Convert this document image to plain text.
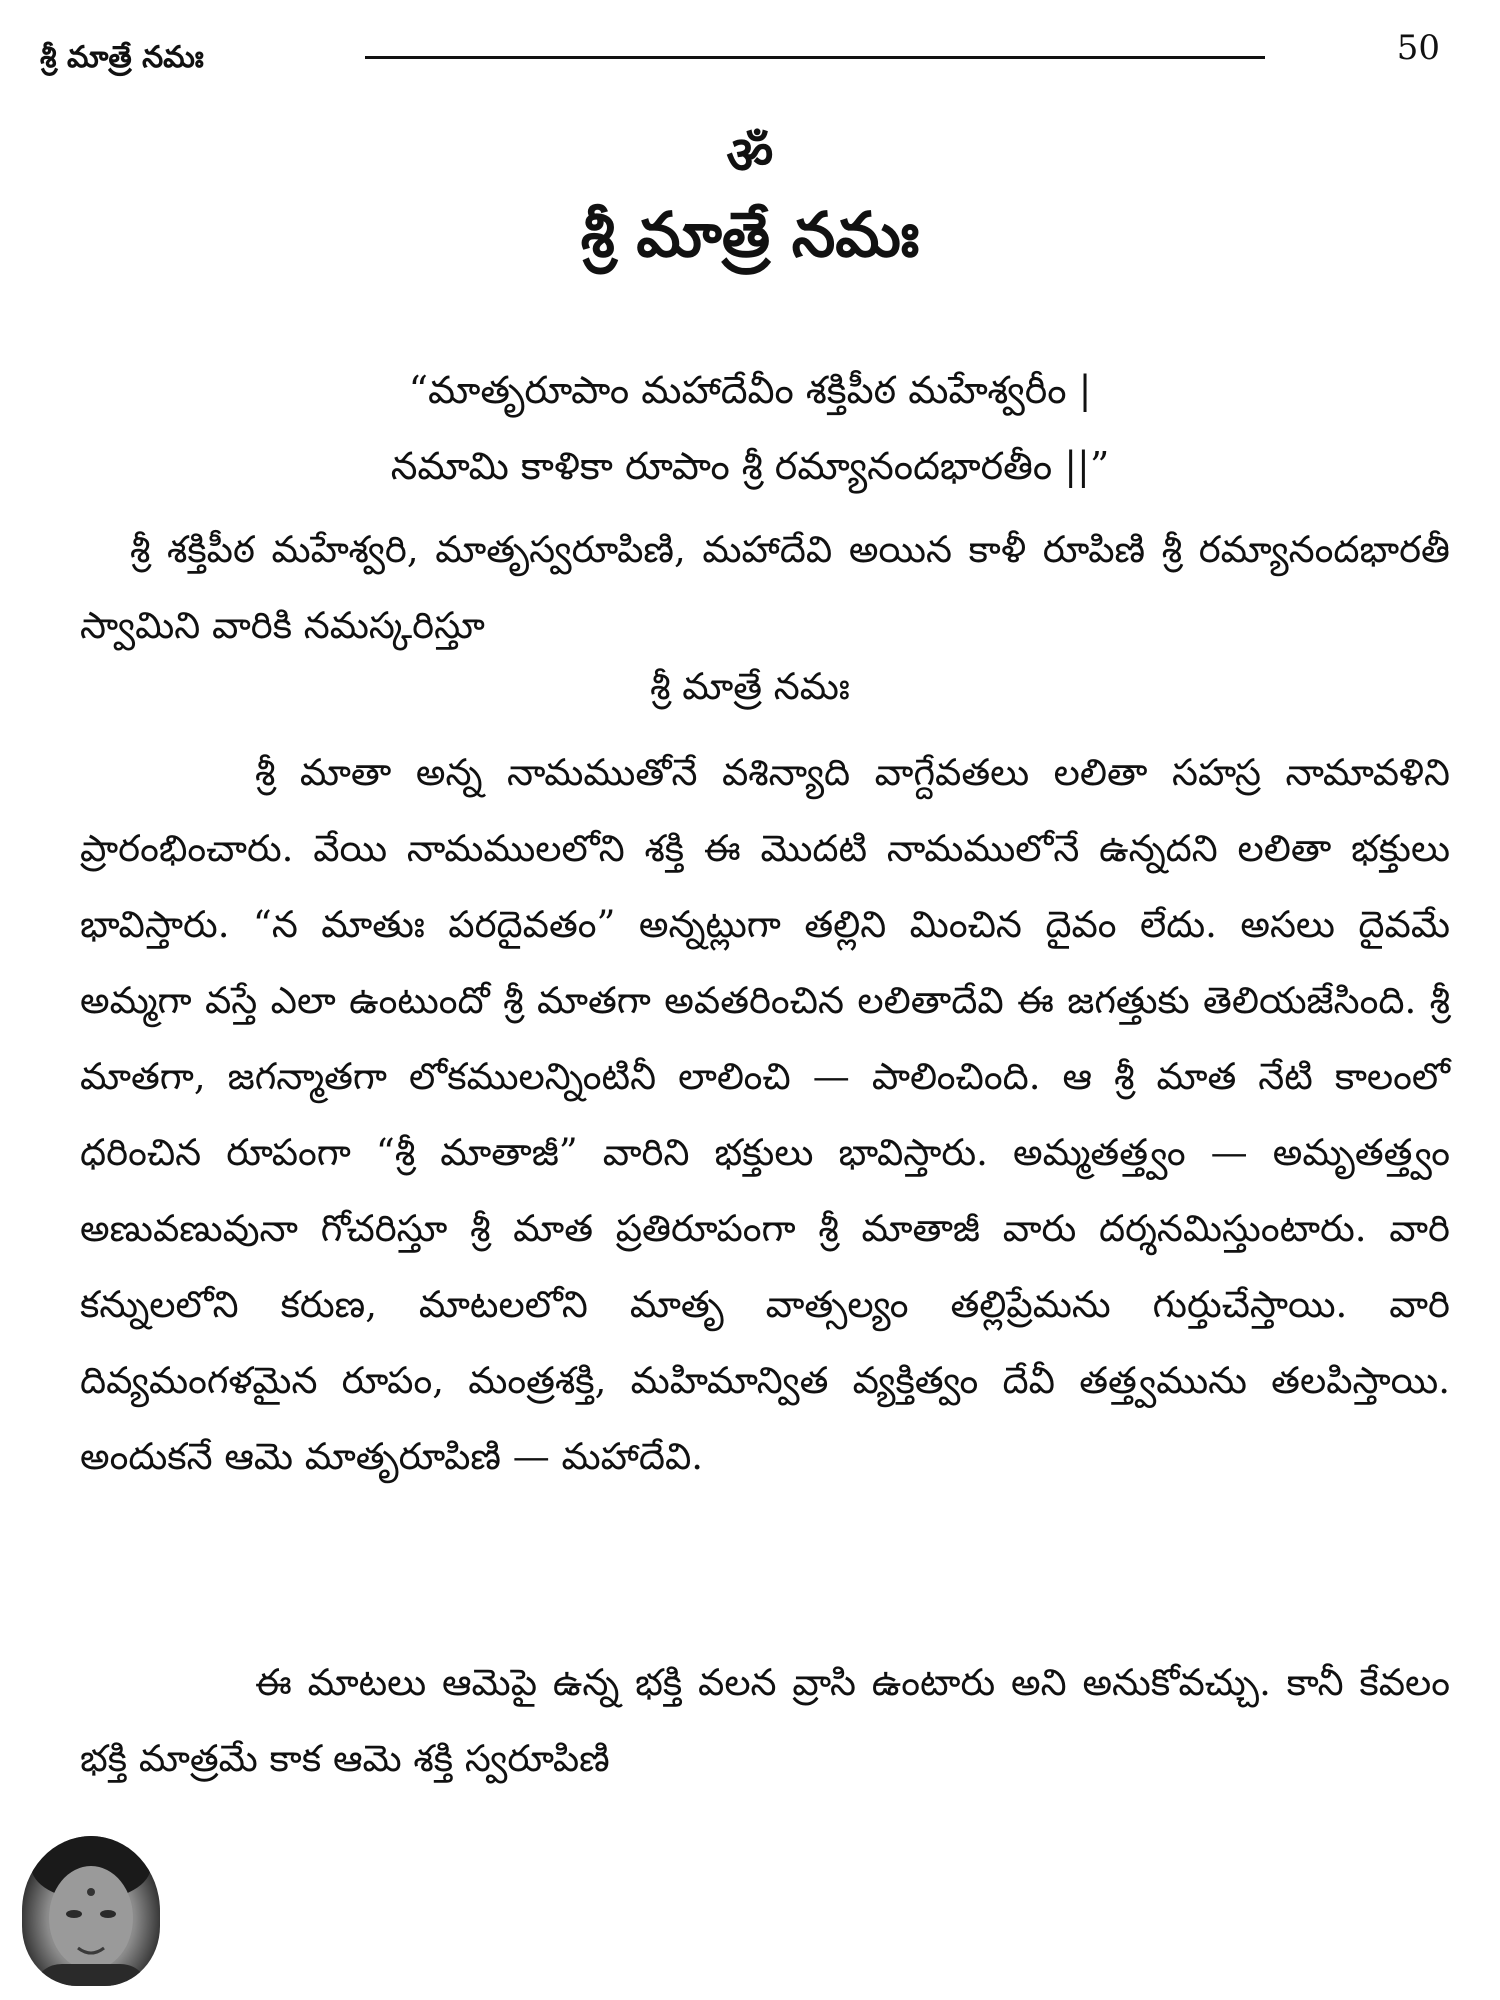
శ్రీ మాత్రే నమః	50
ॐ
శ్రీ మాత్రే నమః
“మాతృరూపాం మహాదేవీం శక్తిపీఠ మహేశ్వరీం |
నమామి కాళికా రూపాం శ్రీ రమ్యానందభారతీం ||”
శ్రీ శక్తిపీఠ మహేశ్వరి, మాతృస్వరూపిణి, మహాదేవి అయిన కాళీ రూపిణి శ్రీ రమ్యానందభారతీ స్వామిని వారికి నమస్కరిస్తూ
శ్రీ మాత్రే నమః
శ్రీ మాతా అన్న నామముతోనే వశిన్యాది వాగ్దేవతలు లలితా సహస్ర నామావళిని ప్రారంభించారు. వేయి నామములలోని శక్తి ఈ మొదటి నామములోనే ఉన్నదని లలితా భక్తులు భావిస్తారు. “న మాతుః పరదైవతం” అన్నట్లుగా తల్లిని మించిన దైవం లేదు. అసలు దైవమే అమ్మగా వస్తే ఎలా ఉంటుందో శ్రీ మాతగా అవతరించిన లలితాదేవి ఈ జగత్తుకు తెలియజేసింది. శ్రీ మాతగా, జగన్మాతగా లోకములన్నింటినీ లాలించి — పాలించింది. ఆ శ్రీ మాత నేటి కాలంలో ధరించిన రూపంగా “శ్రీ మాతాజీ” వారిని భక్తులు భావిస్తారు. అమ్మతత్త్వం — అమృతత్త్వం అణువణువునా గోచరిస్తూ శ్రీ మాత ప్రతిరూపంగా శ్రీ మాతాజీ వారు దర్శనమిస్తుంటారు. వారి కన్నులలోని కరుణ, మాటలలోని మాతృ వాత్సల్యం తల్లిప్రేమను గుర్తుచేస్తాయి. వారి దివ్యమంగళమైన రూపం, మంత్రశక్తి, మహిమాన్విత వ్యక్తిత్వం దేవీ తత్త్వమును తలపిస్తాయి. అందుకనే ఆమె మాతృరూపిణి — మహాదేవి.
ఈ మాటలు ఆమెపై ఉన్న భక్తి వలన వ్రాసి ఉంటారు అని అనుకోవచ్చు. కానీ కేవలం భక్తి మాత్రమే కాక ఆమె శక్తి స్వరూపిణి
